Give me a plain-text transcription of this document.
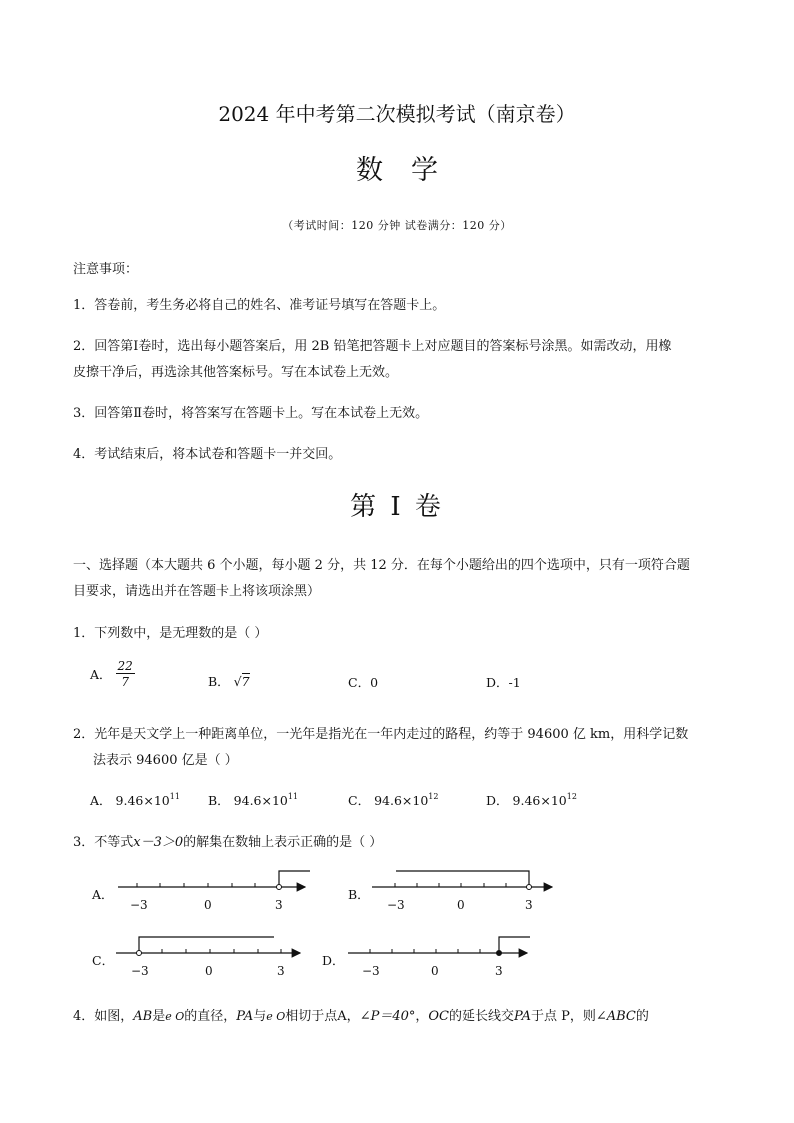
2024 年中考第二次模拟考试（南京卷）
数学
（考试时间：120 分钟 试卷满分：120 分）
注意事项：
1．答卷前，考生务必将自己的姓名、准考证号填写在答题卡上。
2．回答第Ⅰ卷时，选出每小题答案后，用 2B 铅笔把答题卡上对应题目的答案标号涂黑。如需改动，用橡
皮擦干净后，再选涂其他答案标号。写在本试卷上无效。
3．回答第Ⅱ卷时，将答案写在答题卡上。写在本试卷上无效。
4．考试结束后，将本试卷和答题卡一并交回。
第 I 卷
一、选择题（本大题共 6 个小题，每小题 2 分，共 12 分．在每个小题给出的四个选项中，只有一项符合题
目要求，请选出并在答题卡上将该项涂黑）
1．下列数中，是无理数的是（ ）
A． $\frac{22}{7}$	B． √7	C．0	D．-1
2．光年是天文学上一种距离单位，一光年是指光在一年内走过的路程，约等于 94600 亿 km，用科学记数
法表示 94600 亿是（ ）
A． $9.46\times 10^{11}$ B． $94.6\times 10^{11}$	C． $94.6\times 10^{12}$	D． $9.46\times 10^{12}$
3．不等式x－3＞0的解集在数轴上表示正确的是（ ）
A．
−3	0	3	−3	0	3
−3	0	3	−3	0	3
B．
C．	D．
4．如图，AB是e O的直径，PA与e O相切于点A，∠P＝40°，OC的延长线交PA于点 P，则∠ABC的
